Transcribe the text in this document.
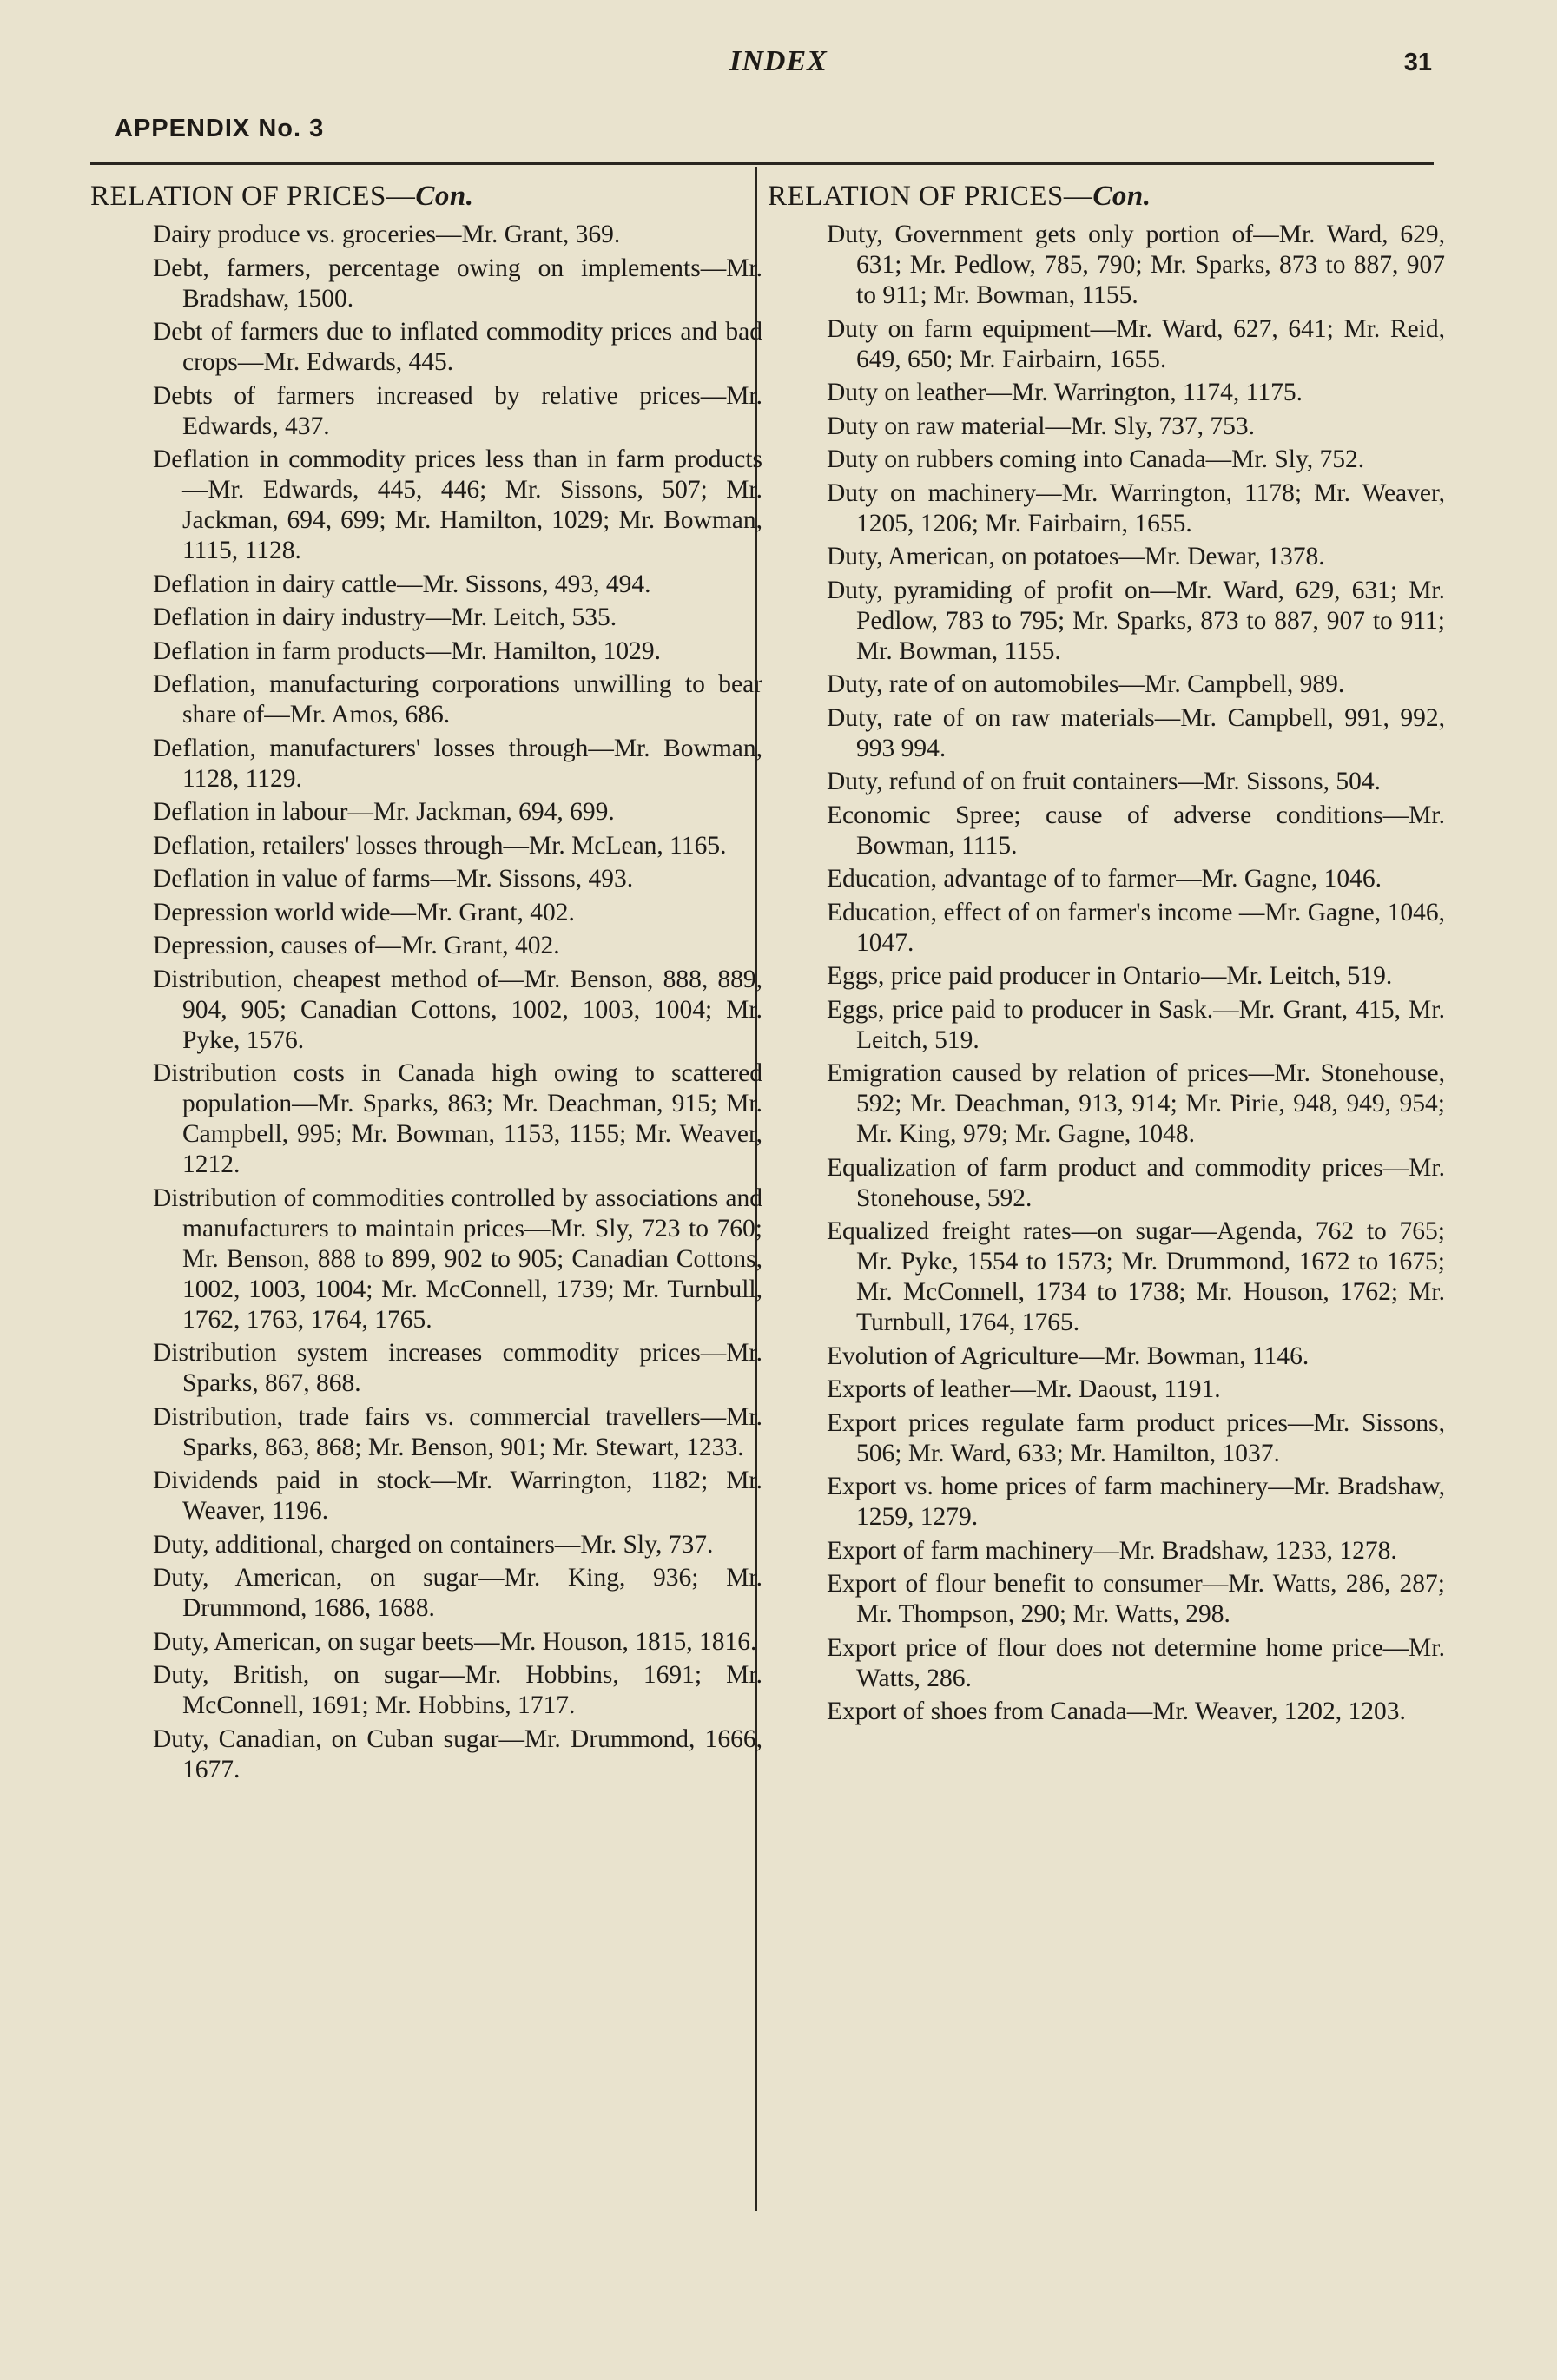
INDEX	31
APPENDIX No. 3
RELATION OF PRICES—Con.
Dairy produce vs. groceries—Mr. Grant, 369.
Debt, farmers, percentage owing on implements—Mr. Bradshaw, 1500.
Debt of farmers due to inflated commodity prices and bad crops—Mr. Edwards, 445.
Debts of farmers increased by relative prices—Mr. Edwards, 437.
Deflation in commodity prices less than in farm products—Mr. Edwards, 445, 446; Mr. Sissons, 507; Mr. Jackman, 694, 699; Mr. Hamilton, 1029; Mr. Bowman, 1115, 1128.
Deflation in dairy cattle—Mr. Sissons, 493, 494.
Deflation in dairy industry—Mr. Leitch, 535.
Deflation in farm products—Mr. Hamilton, 1029.
Deflation, manufacturing corporations unwilling to bear share of—Mr. Amos, 686.
Deflation, manufacturers' losses through—Mr. Bowman, 1128, 1129.
Deflation in labour—Mr. Jackman, 694, 699.
Deflation, retailers' losses through—Mr. McLean, 1165.
Deflation in value of farms—Mr. Sissons, 493.
Depression world wide—Mr. Grant, 402.
Depression, causes of—Mr. Grant, 402.
Distribution, cheapest method of—Mr. Benson, 888, 889, 904, 905; Canadian Cottons, 1002, 1003, 1004; Mr. Pyke, 1576.
Distribution costs in Canada high owing to scattered population—Mr. Sparks, 863; Mr. Deachman, 915; Mr. Campbell, 995; Mr. Bowman, 1153, 1155; Mr. Weaver, 1212.
Distribution of commodities controlled by associations and manufacturers to maintain prices—Mr. Sly, 723 to 760; Mr. Benson, 888 to 899, 902 to 905; Canadian Cottons, 1002, 1003, 1004; Mr. McConnell, 1739; Mr. Turnbull, 1762, 1763, 1764, 1765.
Distribution system increases commodity prices—Mr. Sparks, 867, 868.
Distribution, trade fairs vs. commercial travellers—Mr. Sparks, 863, 868; Mr. Benson, 901; Mr. Stewart, 1233.
Dividends paid in stock—Mr. Warrington, 1182; Mr. Weaver, 1196.
Duty, additional, charged on containers—Mr. Sly, 737.
Duty, American, on sugar—Mr. King, 936; Mr. Drummond, 1686, 1688.
Duty, American, on sugar beets—Mr. Houson, 1815, 1816.
Duty, British, on sugar—Mr. Hobbins, 1691; Mr. McConnell, 1691; Mr. Hobbins, 1717.
Duty, Canadian, on Cuban sugar—Mr. Drummond, 1666, 1677.
RELATION OF PRICES—Con.
Duty, Government gets only portion of—Mr. Ward, 629, 631; Mr. Pedlow, 785, 790; Mr. Sparks, 873 to 887, 907 to 911; Mr. Bowman, 1155.
Duty on farm equipment—Mr. Ward, 627, 641; Mr. Reid, 649, 650; Mr. Fairbairn, 1655.
Duty on leather—Mr. Warrington, 1174, 1175.
Duty on raw material—Mr. Sly, 737, 753.
Duty on rubbers coming into Canada—Mr. Sly, 752.
Duty on machinery—Mr. Warrington, 1178; Mr. Weaver, 1205, 1206; Mr. Fairbairn, 1655.
Duty, American, on potatoes—Mr. Dewar, 1378.
Duty, pyramiding of profit on—Mr. Ward, 629, 631; Mr. Pedlow, 783 to 795; Mr. Sparks, 873 to 887, 907 to 911; Mr. Bowman, 1155.
Duty, rate of on automobiles—Mr. Campbell, 989.
Duty, rate of on raw materials—Mr. Campbell, 991, 992, 993 994.
Duty, refund of on fruit containers—Mr. Sissons, 504.
Economic Spree; cause of adverse conditions—Mr. Bowman, 1115.
Education, advantage of to farmer—Mr. Gagne, 1046.
Education, effect of on farmer's income —Mr. Gagne, 1046, 1047.
Eggs, price paid producer in Ontario—Mr. Leitch, 519.
Eggs, price paid to producer in Sask.—Mr. Grant, 415, Mr. Leitch, 519.
Emigration caused by relation of prices—Mr. Stonehouse, 592; Mr. Deachman, 913, 914; Mr. Pirie, 948, 949, 954; Mr. King, 979; Mr. Gagne, 1048.
Equalization of farm product and commodity prices—Mr. Stonehouse, 592.
Equalized freight rates—on sugar—Agenda, 762 to 765; Mr. Pyke, 1554 to 1573; Mr. Drummond, 1672 to 1675; Mr. McConnell, 1734 to 1738; Mr. Houson, 1762; Mr. Turnbull, 1764, 1765.
Evolution of Agriculture—Mr. Bowman, 1146.
Exports of leather—Mr. Daoust, 1191.
Export prices regulate farm product prices—Mr. Sissons, 506; Mr. Ward, 633; Mr. Hamilton, 1037.
Export vs. home prices of farm machinery—Mr. Bradshaw, 1259, 1279.
Export of farm machinery—Mr. Bradshaw, 1233, 1278.
Export of flour benefit to consumer—Mr. Watts, 286, 287; Mr. Thompson, 290; Mr. Watts, 298.
Export price of flour does not determine home price—Mr. Watts, 286.
Export of shoes from Canada—Mr. Weaver, 1202, 1203.
